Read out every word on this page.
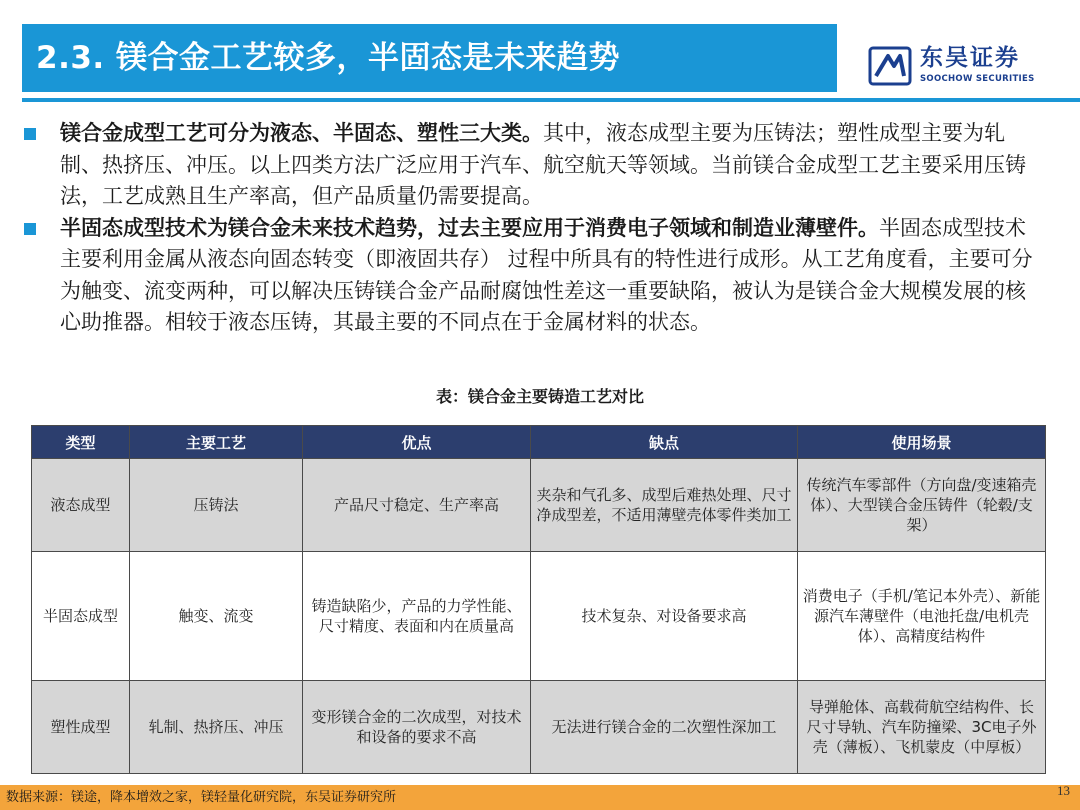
2.3. 镁合金工艺较多，半固态是未来趋势	东吴证券
SOOCHOW SECURITIES
镁合金成型工艺可分为液态、半固态、塑性三大类。其中，液态成型主要为压铸法；塑性成型主要为轧制、热挤压、冲压。以上四类方法广泛应用于汽车、航空航天等领域。当前镁合金成型工艺主要采用压铸法，工艺成熟且生产率高，但产品质量仍需要提高。
半固态成型技术为镁合金未来技术趋势，过去主要应用于消费电子领域和制造业薄壁件。半固态成型技术主要利用金属从液态向固态转变（即液固共存） 过程中所具有的特性进行成形。从工艺角度看，主要可分为触变、流变两种，可以解决压铸镁合金产品耐腐蚀性差这一重要缺陷，被认为是镁合金大规模发展的核心助推器。相较于液态压铸，其最主要的不同点在于金属材料的状态。
表：镁合金主要铸造工艺对比
类型	主要工艺	优点	缺点	使用场景
液态成型	压铸法	产品尺寸稳定、生产率高	夹杂和气孔多、成型后难热处理、尺寸净成型差，不适用薄壁壳体零件类加工	传统汽车零部件（方向盘/变速箱壳体）、大型镁合金压铸件（轮毂/支架）
半固态成型	触变、流变	铸造缺陷少，产品的力学性能、尺寸精度、表面和内在质量高	技术复杂、对设备要求高	消费电子（手机/笔记本外壳）、新能源汽车薄壁件（电池托盘/电机壳体）、高精度结构件
塑性成型	轧制、热挤压、冲压	变形镁合金的二次成型，对技术和设备的要求不高	无法进行镁合金的二次塑性深加工	导弹舱体、高载荷航空结构件、长尺寸导轨、汽车防撞梁、3C电子外壳（薄板）、飞机蒙皮（中厚板）
数据来源：镁途，降本增效之家，镁轻量化研究院，东吴证券研究所	13
